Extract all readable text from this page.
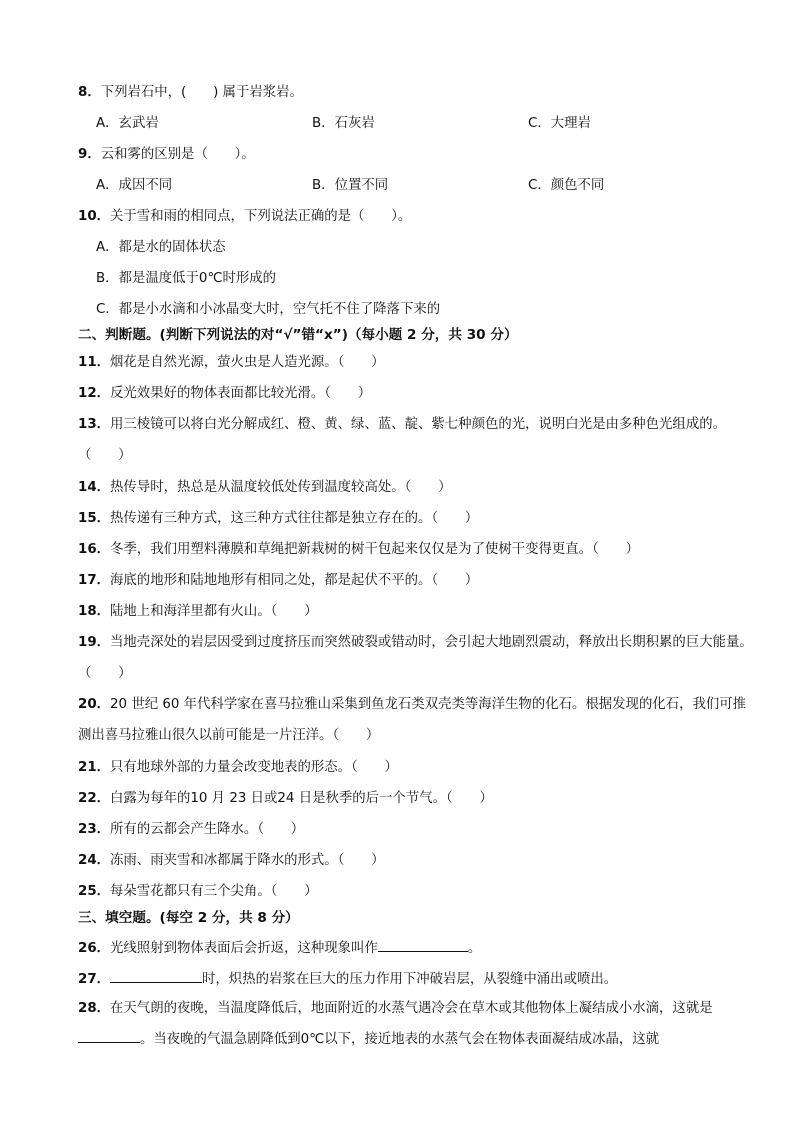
8．下列岩石中，(　　) 属于岩浆岩。
A．玄武岩	B．石灰岩	C．大理岩
9．云和雾的区别是（　　）。
A．成因不同	B．位置不同	C．颜色不同
10．关于雪和雨的相同点，下列说法正确的是（　　）。
A．都是水的固体状态
B．都是温度低于0℃时形成的
C．都是小水滴和小冰晶变大时，空气托不住了降落下来的
二、判断题。(判断下列说法的对“√”错“x”)（每小题 2 分，共 30 分）
11．烟花是自然光源，萤火虫是人造光源。（　　）
12．反光效果好的物体表面都比较光滑。（　　）
13．用三棱镜可以将白光分解成红、橙、黄、绿、蓝、靛、紫七种颜色的光，说明白光是由多种色光组成的。（　　）
14．热传导时，热总是从温度较低处传到温度较高处。（　　）
15．热传递有三种方式，这三种方式往往都是独立存在的。（　　）
16．冬季，我们用塑料薄膜和草绳把新栽树的树干包起来仅仅是为了使树干变得更直。（　　）
17．海底的地形和陆地地形有相同之处，都是起伏不平的。（　　）
18．陆地上和海洋里都有火山。（　　）
19．当地壳深处的岩层因受到过度挤压而突然破裂或错动时，会引起大地剧烈震动，释放出长期积累的巨大能量。（　　）
20．20 世纪 60 年代科学家在喜马拉雅山采集到鱼龙石类双壳类等海洋生物的化石。根据发现的化石，我们可推测出喜马拉雅山很久以前可能是一片汪洋。（　　）
21．只有地球外部的力量会改变地表的形态。（　　）
22．白露为每年的10 月 23 日或24 日是秋季的后一个节气。（　　）
23．所有的云都会产生降水。（　　）
24．冻雨、雨夹雪和冰都属于降水的形式。（　　）
25．每朵雪花都只有三个尖角。（　　）
三、填空题。(每空 2 分，共 8 分）
26．光线照射到物体表面后会折返，这种现象叫作	。
27．	时，炽热的岩浆在巨大的压力作用下冲破岩层，从裂缝中涌出或喷出。
28．在天气朗的夜晚，当温度降低后，地面附近的水蒸气遇冷会在草木或其他物体上凝结成小水滴，这就是。当夜晚的气温急剧降低到0℃以下，接近地表的水蒸气会在物体表面凝结成冰晶，这就
